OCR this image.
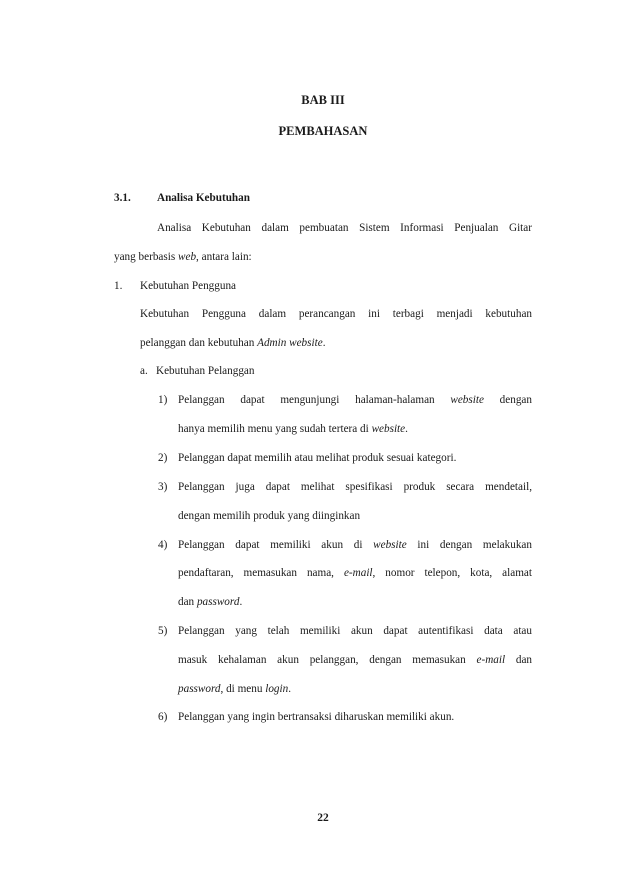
BAB III
PEMBAHASAN
3.1. Analisa Kebutuhan
Analisa Kebutuhan dalam pembuatan Sistem Informasi Penjualan Gitar
yang berbasis web, antara lain:
1. Kebutuhan Pengguna
Kebutuhan Pengguna dalam perancangan ini terbagi menjadi kebutuhan
pelanggan dan kebutuhan Admin website.
a. Kebutuhan Pelanggan
1) Pelanggan dapat mengunjungi halaman-halaman website dengan
hanya memilih menu yang sudah tertera di website.
2) Pelanggan dapat memilih atau melihat produk sesuai kategori.
3) Pelanggan juga dapat melihat spesifikasi produk secara mendetail,
dengan memilih produk yang diinginkan
4) Pelanggan dapat memiliki akun di website ini dengan melakukan
pendaftaran, memasukan nama, e-mail, nomor telepon, kota, alamat
dan password.
5) Pelanggan yang telah memiliki akun dapat autentifikasi data atau
masuk kehalaman akun pelanggan, dengan memasukan e-mail dan
password, di menu login.
6) Pelanggan yang ingin bertransaksi diharuskan memiliki akun.
22
